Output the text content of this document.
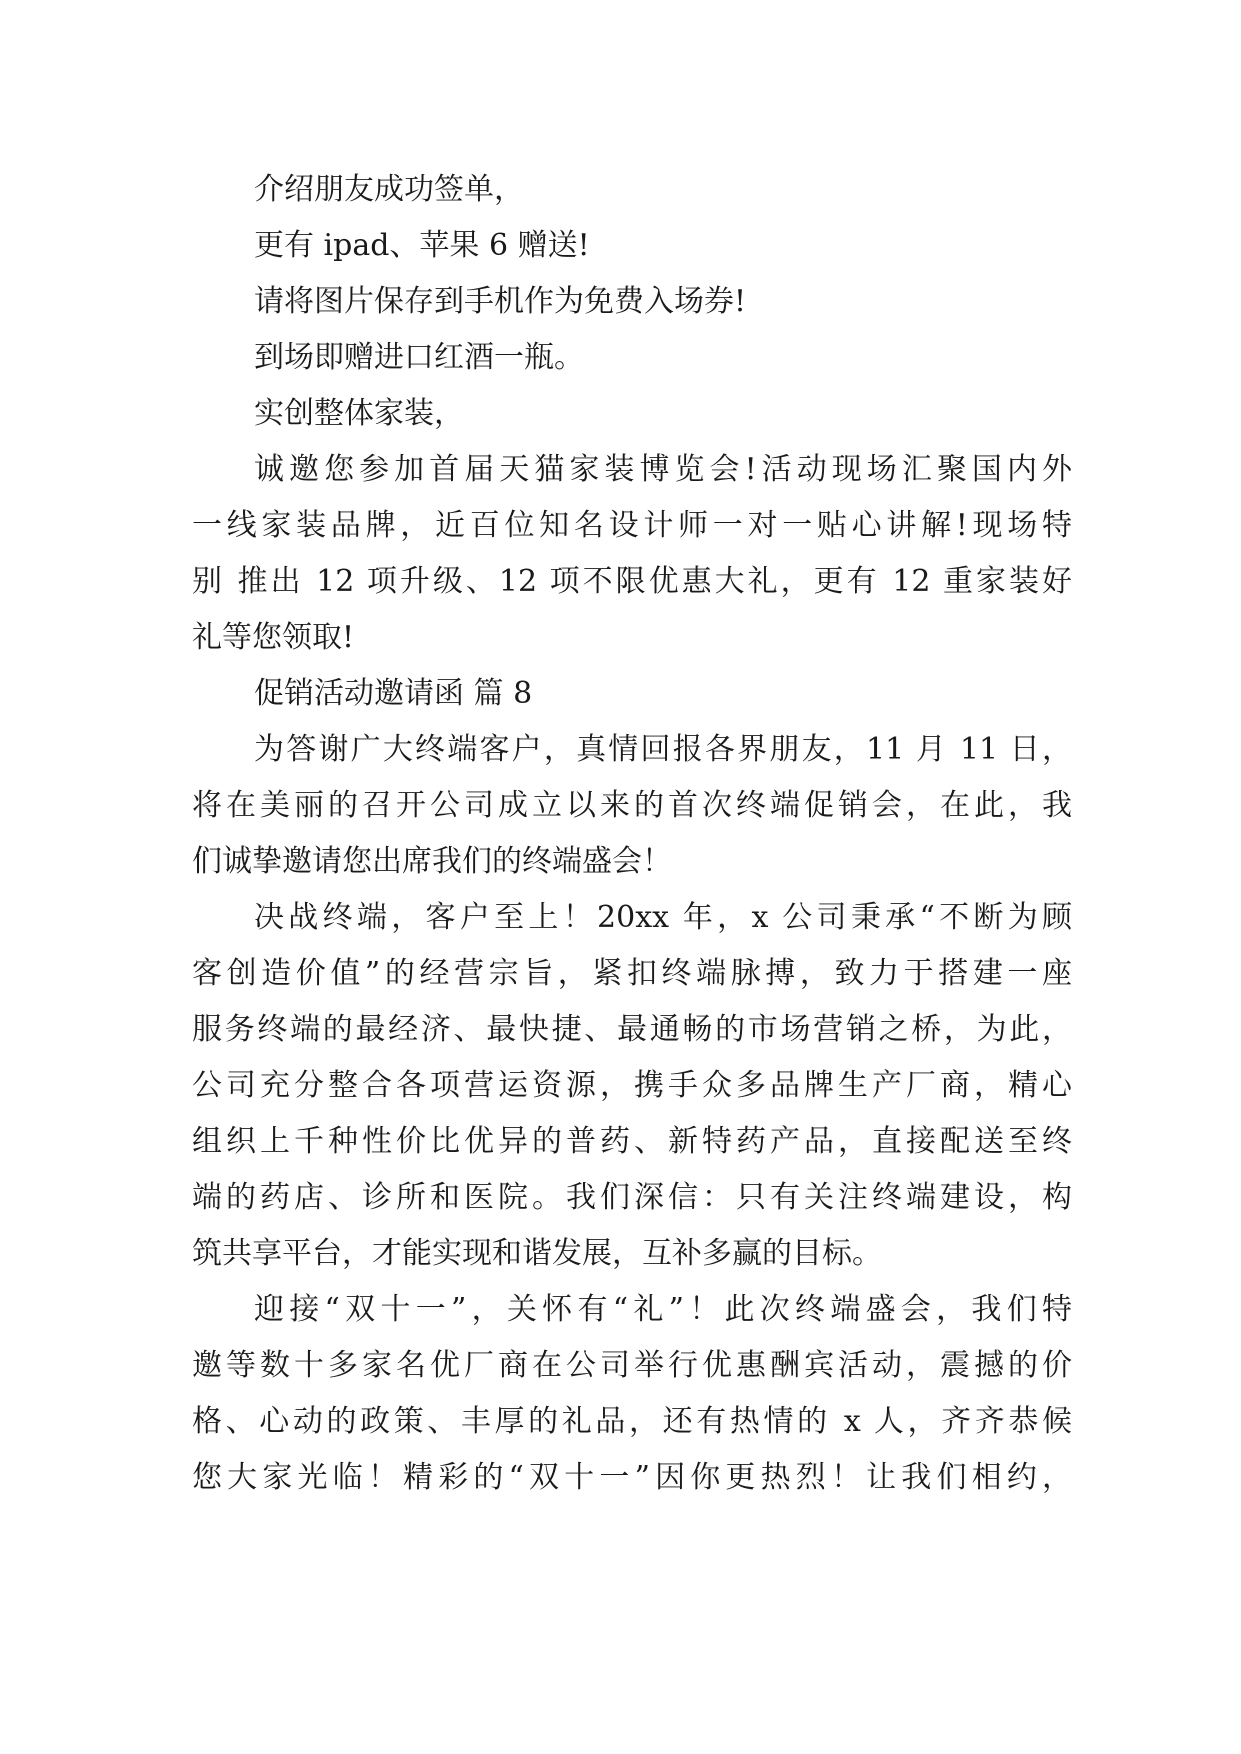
介绍朋友成功签单，
更有 ipad、苹果 6 赠送!
请将图片保存到手机作为免费入场券!
到场即赠进口红酒一瓶。
实创整体家装，
诚邀您参加首届天猫家装博览会!活动现场汇聚国内外
一线家装品牌，近百位知名设计师一对一贴心讲解!现场特
别 推出 12 项升级、12 项不限优惠大礼，更有 12 重家装好
礼等您领取!
促销活动邀请函 篇 8
为答谢广大终端客户，真情回报各界朋友，11 月 11 日，
将在美丽的召开公司成立以来的首次终端促销会，在此，我
们诚挚邀请您出席我们的终端盛会！
决战终端，客户至上！20xx 年，x 公司秉承“不断为顾
客创造价值”的经营宗旨，紧扣终端脉搏，致力于搭建一座
服务终端的最经济、最快捷、最通畅的市场营销之桥，为此，
公司充分整合各项营运资源，携手众多品牌生产厂商，精心
组织上千种性价比优异的普药、新特药产品，直接配送至终
端的药店、诊所和医院。我们深信：只有关注终端建设，构
筑共享平台，才能实现和谐发展，互补多赢的目标。
迎接“双十一”，关怀有“礼”！此次终端盛会，我们特
邀等数十多家名优厂商在公司举行优惠酬宾活动，震撼的价
格、心动的政策、丰厚的礼品，还有热情的 x 人，齐齐恭候
您大家光临！精彩的“双十一”因你更热烈！让我们相约，
